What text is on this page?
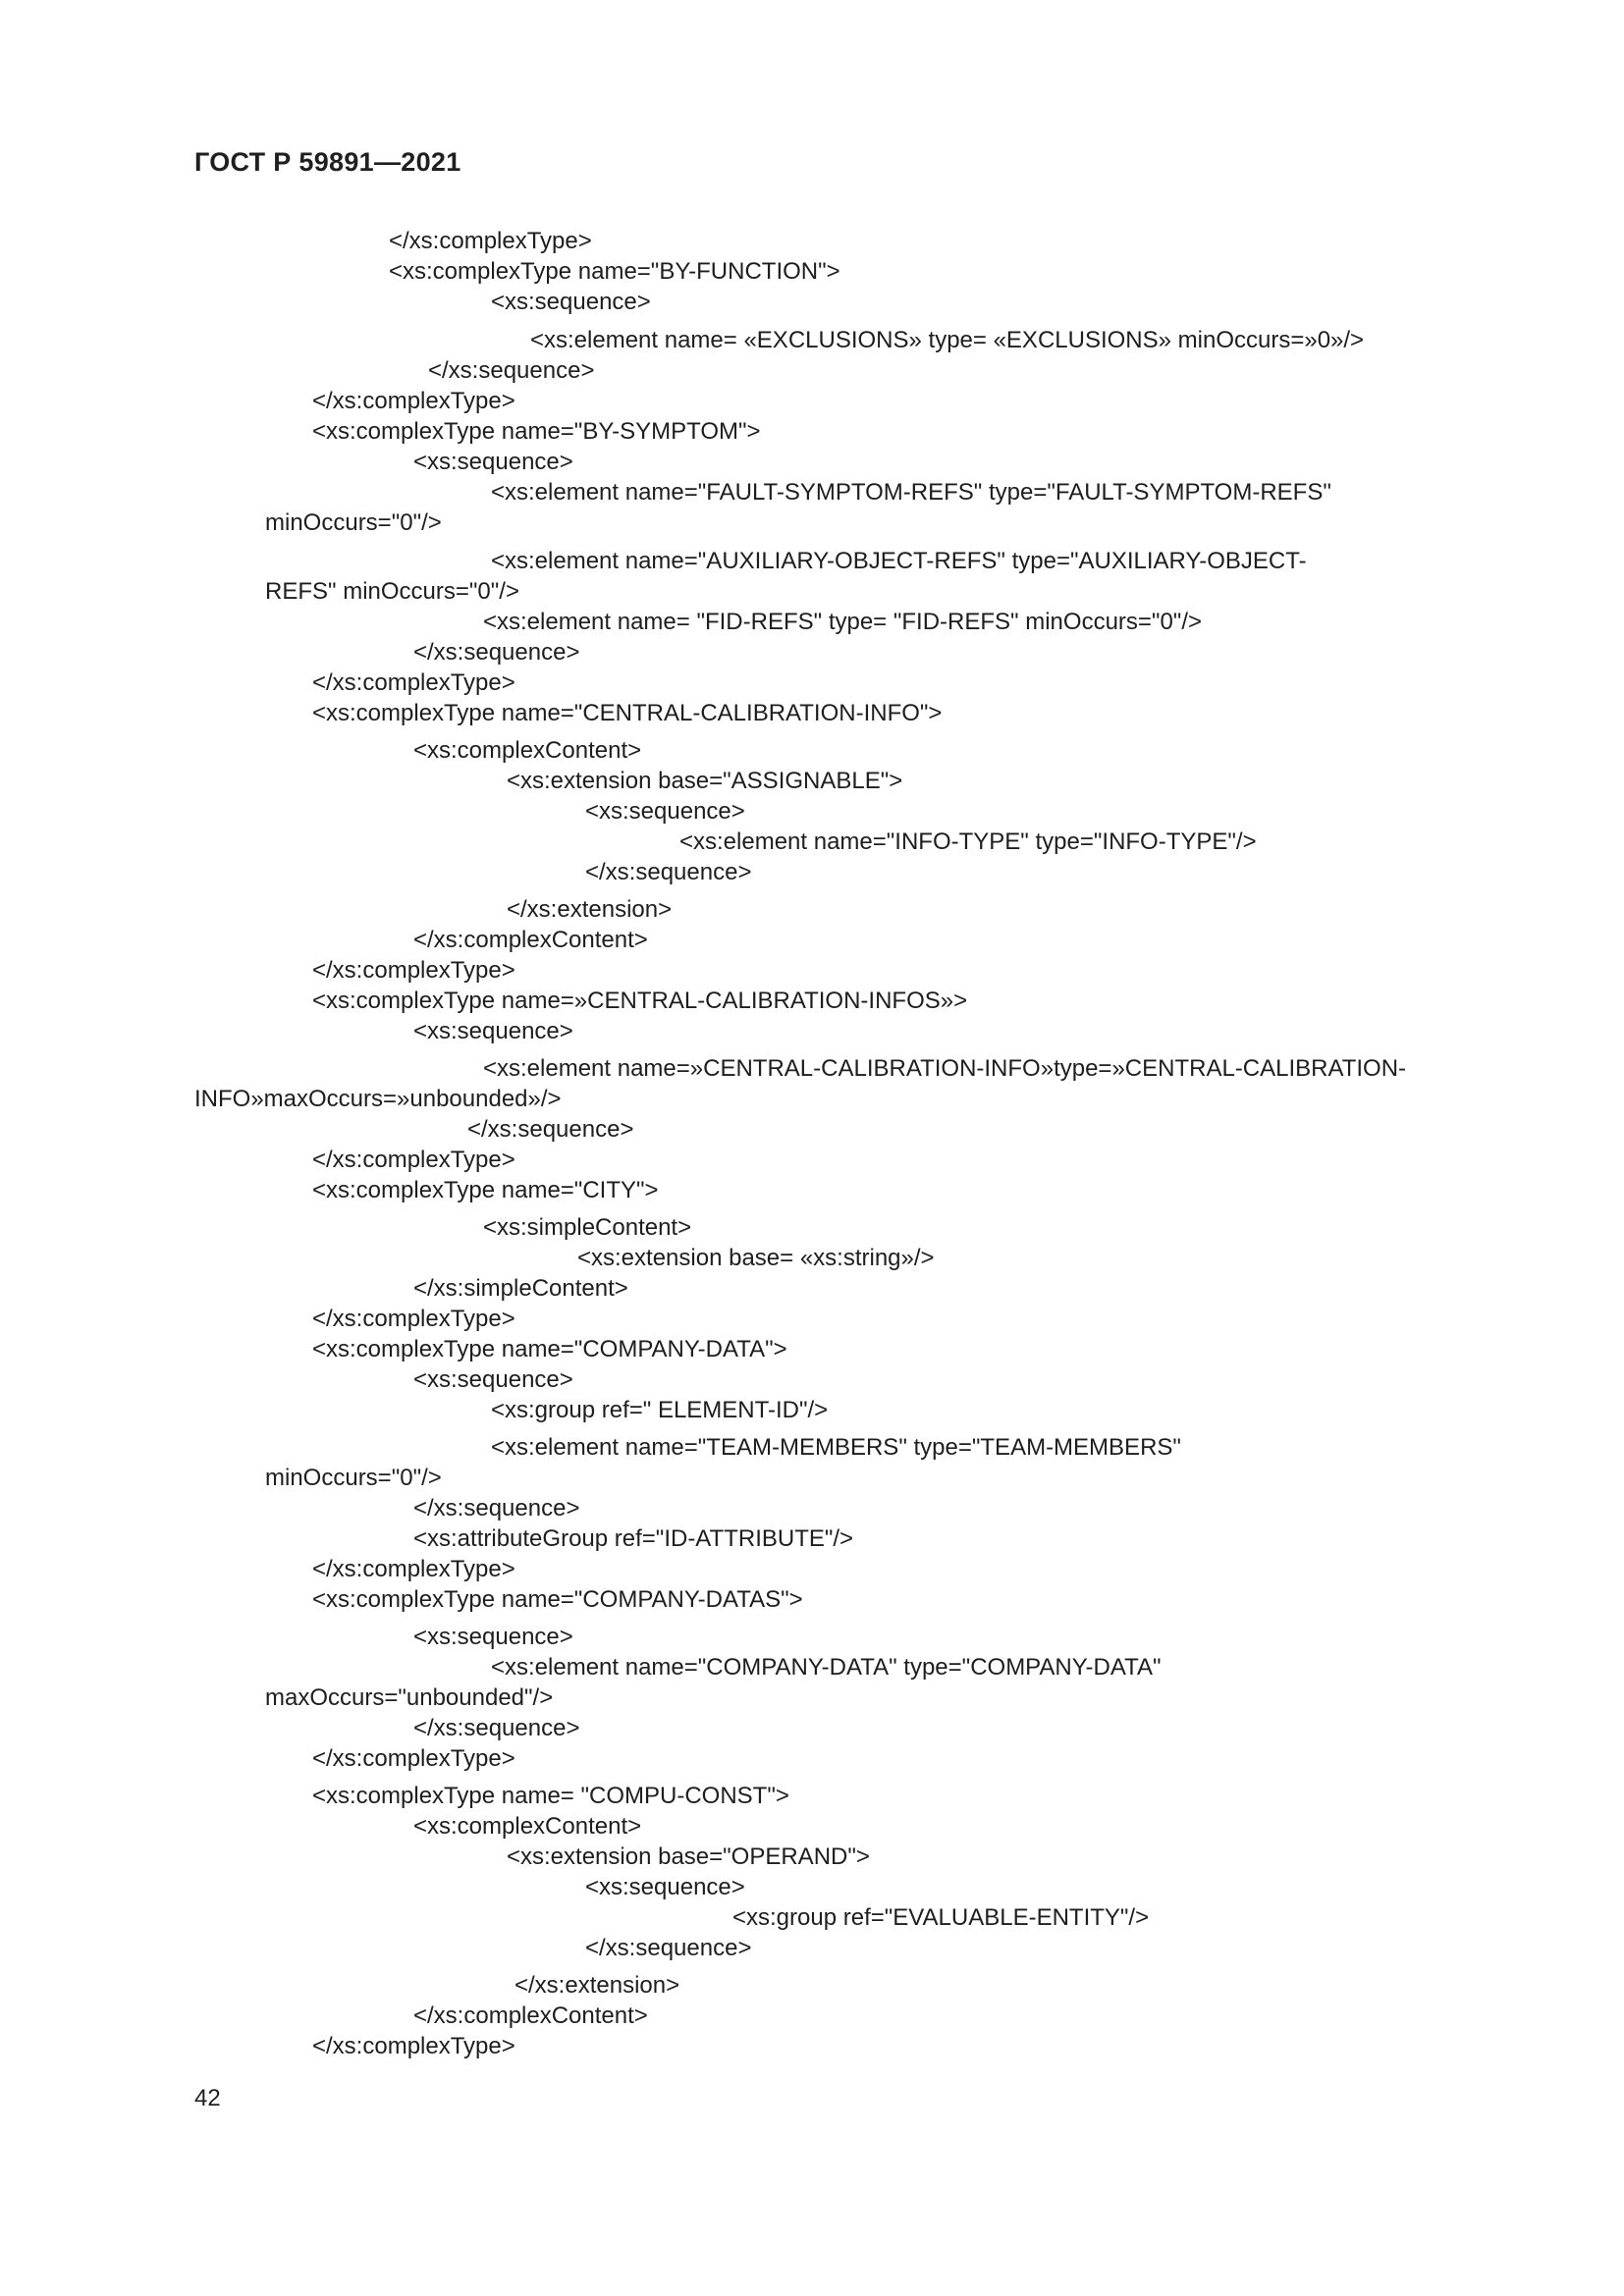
ГОСТ Р 59891—2021
</xs:complexType>
<xs:complexType name="BY-FUNCTION">
<xs:sequence>
<xs:element name= «EXCLUSIONS» type= «EXCLUSIONS» minOccurs=»0»/>
</xs:sequence>
</xs:complexType>
<xs:complexType name="BY-SYMPTOM">
<xs:sequence>
<xs:element name="FAULT-SYMPTOM-REFS" type="FAULT-SYMPTOM-REFS"
minOccurs="0"/>
<xs:element name="AUXILIARY-OBJECT-REFS" type="AUXILIARY-OBJECT-
REFS" minOccurs="0"/>
<xs:element name= "FID-REFS" type= "FID-REFS" minOccurs="0"/>
</xs:sequence>
</xs:complexType>
<xs:complexType name="CENTRAL-CALIBRATION-INFO">
<xs:complexContent>
<xs:extension base="ASSIGNABLE">
<xs:sequence>
<xs:element name="INFO-TYPE" type="INFO-TYPE"/>
</xs:sequence>
</xs:extension>
</xs:complexContent>
</xs:complexType>
<xs:complexType name=»CENTRAL-CALIBRATION-INFOS»>
<xs:sequence>
<xs:element name=»CENTRAL-CALIBRATION-INFO»type=»CENTRAL-CALIBRATION-
INFO»maxOccurs=»unbounded»/>
</xs:sequence>
</xs:complexType>
<xs:complexType name="CITY">
<xs:simpleContent>
<xs:extension base= «xs:string»/>
</xs:simpleContent>
</xs:complexType>
<xs:complexType name="COMPANY-DATA">
<xs:sequence>
<xs:group ref=" ELEMENT-ID"/>
<xs:element name="TEAM-MEMBERS" type="TEAM-MEMBERS"
minOccurs="0"/>
</xs:sequence>
<xs:attributeGroup ref="ID-ATTRIBUTE"/>
</xs:complexType>
<xs:complexType name="COMPANY-DATAS">
<xs:sequence>
<xs:element name="COMPANY-DATA" type="COMPANY-DATA"
maxOccurs="unbounded"/>
</xs:sequence>
</xs:complexType>
<xs:complexType name= "COMPU-CONST">
<xs:complexContent>
<xs:extension base="OPERAND">
<xs:sequence>
<xs:group ref="EVALUABLE-ENTITY"/>
</xs:sequence>
</xs:extension>
</xs:complexContent>
</xs:complexType>
42
